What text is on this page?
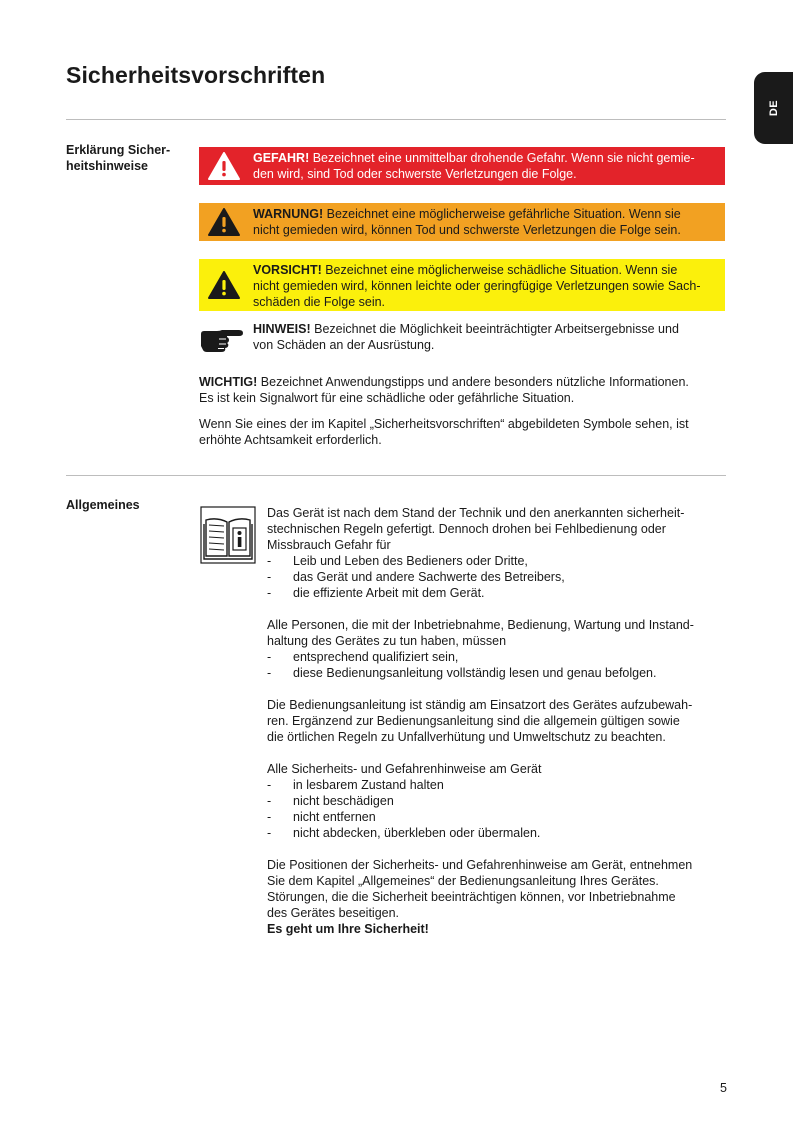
Sicherheitsvorschriften
DE
Erklärung Sicher-
heitshinweise
GEFAHR! Bezeichnet eine unmittelbar drohende Gefahr. Wenn sie nicht gemie-
den wird, sind Tod oder schwerste Verletzungen die Folge.
WARNUNG! Bezeichnet eine möglicherweise gefährliche Situation. Wenn sie
nicht gemieden wird, können Tod und schwerste Verletzungen die Folge sein.
VORSICHT! Bezeichnet eine möglicherweise schädliche Situation. Wenn sie
nicht gemieden wird, können leichte oder geringfügige Verletzungen sowie Sach-
schäden die Folge sein.
HINWEIS! Bezeichnet die Möglichkeit beeinträchtigter Arbeitsergebnisse und
von Schäden an der Ausrüstung.

WICHTIG! Bezeichnet Anwendungstipps und andere besonders nützliche Informationen.
Es ist kein Signalwort für eine schädliche oder gefährliche Situation.

Wenn Sie eines der im Kapitel „Sicherheitsvorschriften“ abgebildeten Symbole sehen, ist
erhöhte Achtsamkeit erforderlich.

Allgemeines

Das Gerät ist nach dem Stand der Technik und den anerkannten sicherheit-
stechnischen Regeln gefertigt. Dennoch drohen bei Fehlbedienung oder
Missbrauch Gefahr für

- Leib und Leben des Bedieners oder Dritte,
- das Gerät und andere Sachwerte des Betreibers,
- die effiziente Arbeit mit dem Gerät.

Alle Personen, die mit der Inbetriebnahme, Bedienung, Wartung und Instand-
haltung des Gerätes zu tun haben, müssen

- entsprechend qualifiziert sein,
- diese Bedienungsanleitung vollständig lesen und genau befolgen.

Die Bedienungsanleitung ist ständig am Einsatzort des Gerätes aufzubewah-
ren. Ergänzend zur Bedienungsanleitung sind die allgemein gültigen sowie
die örtlichen Regeln zu Unfallverhütung und Umweltschutz zu beachten.

Alle Sicherheits- und Gefahrenhinweise am Gerät

- in lesbarem Zustand halten
- nicht beschädigen
- nicht entfernen
- nicht abdecken, überkleben oder übermalen.

Die Positionen der Sicherheits- und Gefahrenhinweise am Gerät, entnehmen
Sie dem Kapitel „Allgemeines“ der Bedienungsanleitung Ihres Gerätes.
Störungen, die die Sicherheit beeinträchtigen können, vor Inbetriebnahme
des Gerätes beseitigen.

Es geht um Ihre Sicherheit!

5
